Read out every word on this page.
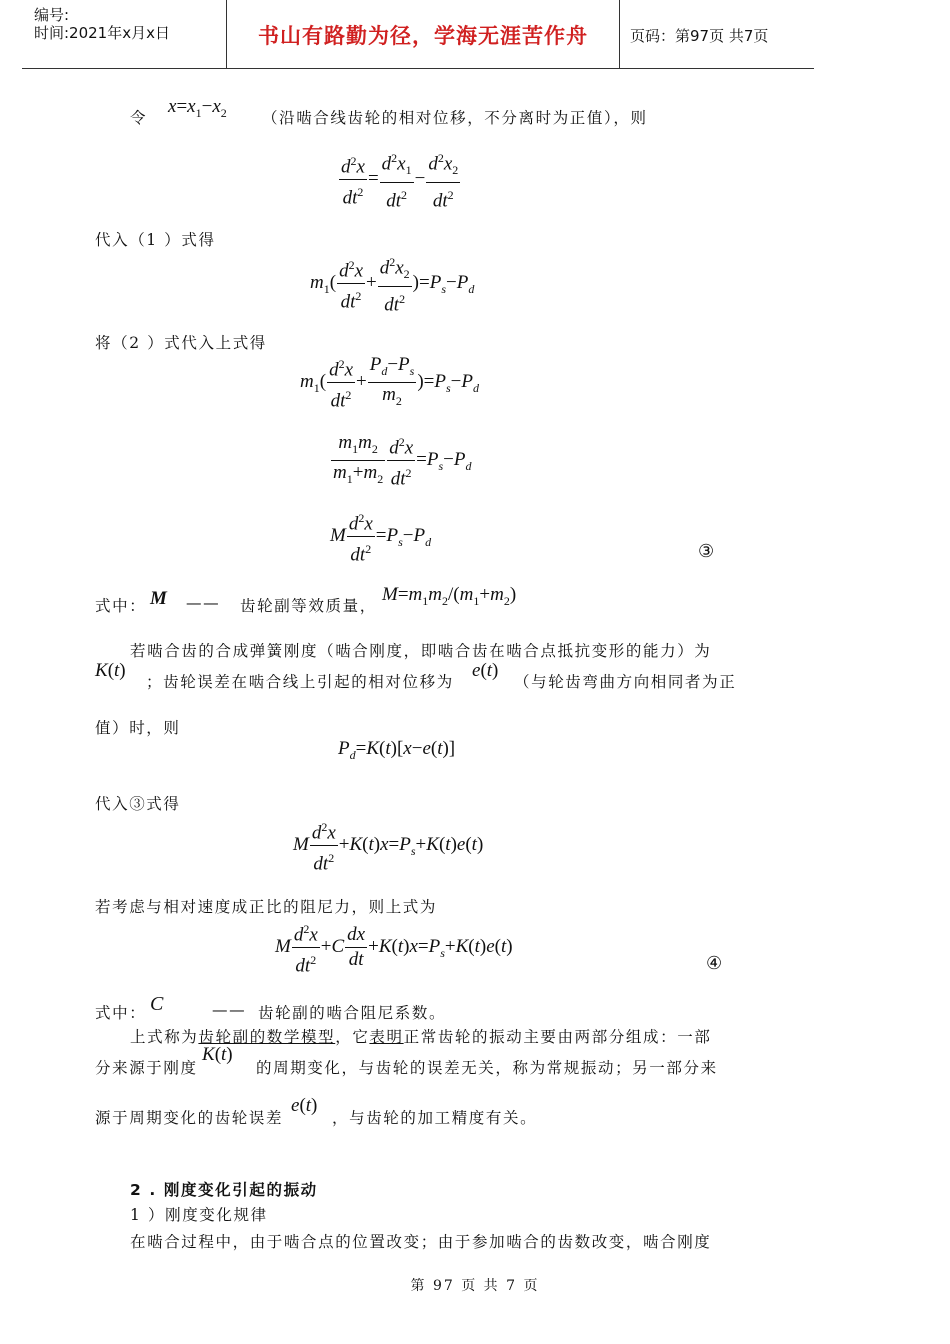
编号:
时间:2021年x月x日	书山有路勤为径，学海无涯苦作舟	页码：第97页 共7页
令
$x=x_1-x_2$ （沿啮合线齿轮的相对位移，不分离时为正值），则
$\frac{d^2x}{dt^2} = \frac{d^2x_1}{dt^2} - \frac{d^2x_2}{dt^2}$
代入（1 ）式得
$m_1( \frac{d^2x}{dt^2} + \frac{d^2x_2}{dt^2} )=P_s-P_d$
将（2 ）式代入上式得
$m_1( \frac{d^2x}{dt^2} + \frac{P_d-P_s}{m_2} )=P_s-P_d$
$\frac{m_1m_2}{m_1+m_2} \frac{d^2x}{dt^2} =P_s-P_d$
M $\frac{d^2x}{dt^2} =P_s-P_d$	③
式中： M —— 齿轮副等效质量，
$M=m_1m_2/(m_1+m_2)$
若啮合齿的合成弹簧刚度（啮合刚度，即啮合齿在啮合点抵抗变形的能力）为
K(t)
；齿轮误差在啮合线上引起的相对位移为
e(t)
（与轮齿弯曲方向相同者为正
值）时，则
$P_d=K(t)[x-e(t)]$
代入③式得
M $\frac{d^2x}{dt^2} +K(t)x=P_s+K(t)e(t)$
若考虑与相对速度成正比的阻尼力，则上式为
M $\frac{d^2x}{dt^2} +C \frac{dx}{dt} +K(t)x=P_s+K(t)e(t)$
④
式中： C	—— 齿轮副的啮合阻尼系数。
上式称为齿轮副的数学模型，它表明正常齿轮的振动主要由两部分组成：一部
分来源于刚度
K(t)
的周期变化，与齿轮的误差无关，称为常规振动；另一部分来
源于周期变化的齿轮误差
e(t)
，与齿轮的加工精度有关。
2 . 刚度变化引起的振动
1 ）刚度变化规律
在啮合过程中，由于啮合点的位置改变；由于参加啮合的齿数改变，啮合刚度
第 97 页 共 7 页
